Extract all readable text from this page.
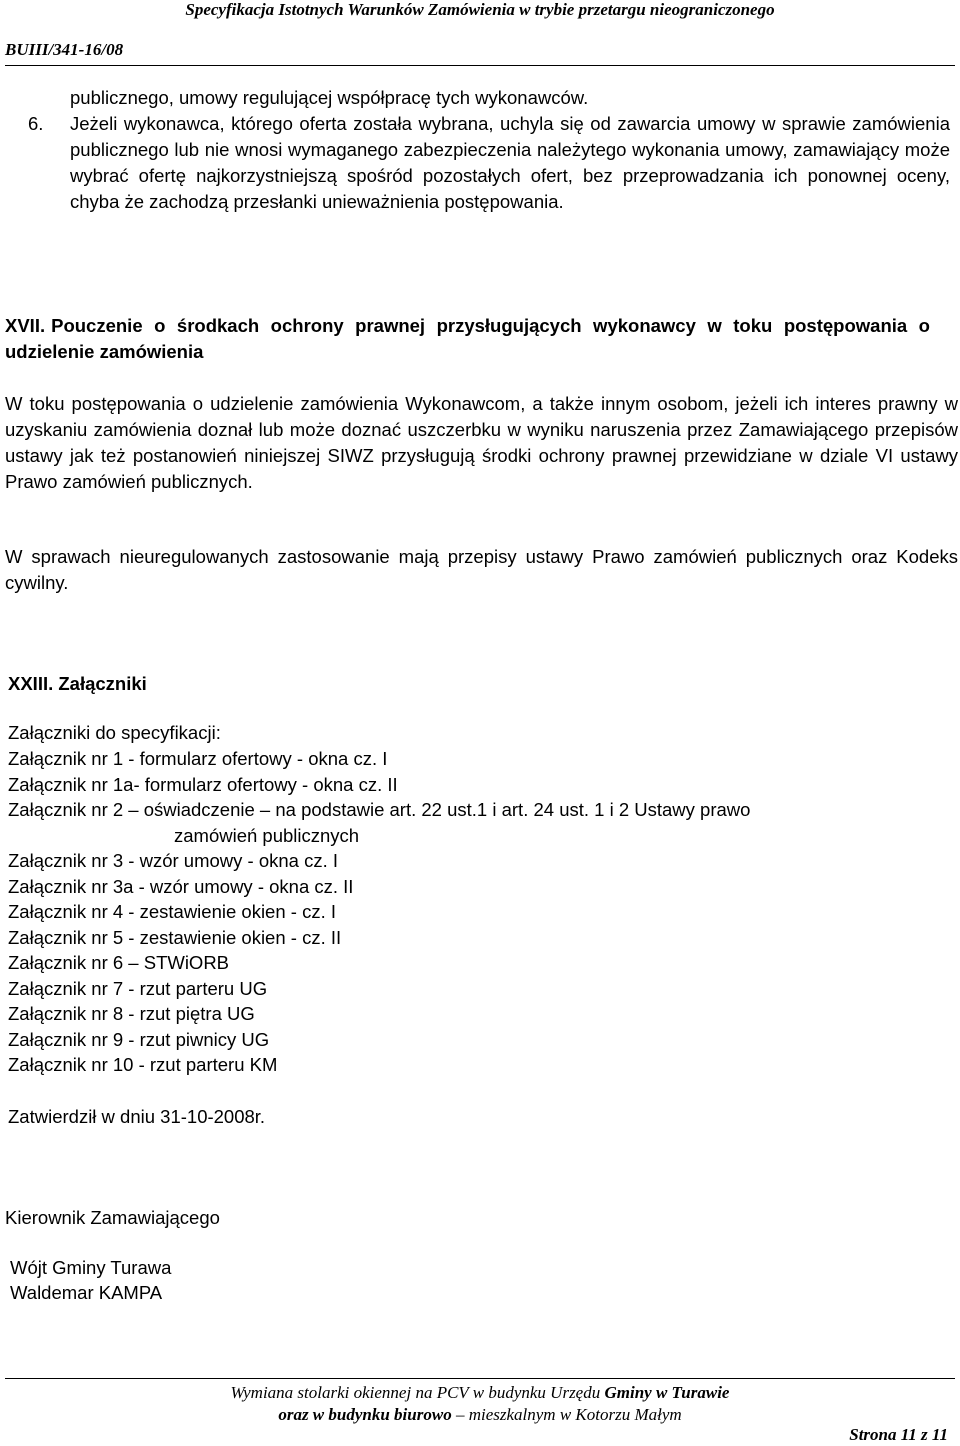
Specyfikacja Istotnych Warunków Zamówienia w trybie przetargu nieograniczonego
BUIII/341-16/08

publicznego, umowy regulującej współpracę tych wykonawców.

6. Jeżeli wykonawca, którego oferta została wybrana, uchyla się od zawarcia umowy w sprawie zamówienia publicznego lub nie wnosi wymaganego zabezpieczenia należytego wykonania umowy, zamawiający może wybrać ofertę najkorzystniejszą spośród pozostałych ofert, bez przeprowadzania ich ponownej oceny, chyba że zachodzą przesłanki unieważnienia postępowania.

XVII. Pouczenie o środkach ochrony prawnej przysługujących wykonawcy w toku postępowania o udzielenie zamówienia

W toku postępowania o udzielenie zamówienia Wykonawcom, a także innym osobom, jeżeli ich interes prawny w uzyskaniu zamówienia doznał lub może doznać uszczerbku w wyniku naruszenia przez Zamawiającego przepisów ustawy jak też postanowień niniejszej SIWZ przysługują środki ochrony prawnej przewidziane w dziale VI ustawy Prawo zamówień publicznych.

W sprawach nieuregulowanych zastosowanie mają przepisy ustawy Prawo zamówień publicznych oraz Kodeks cywilny.

XXIII. Załączniki
Załączniki do specyfikacji:
Załącznik nr 1 - formularz ofertowy - okna cz. I
Załącznik nr 1a- formularz ofertowy - okna cz. II
Załącznik nr 2 – oświadczenie – na podstawie art. 22 ust.1 i art. 24 ust. 1 i 2 Ustawy prawo
zamówień publicznych
Załącznik nr 3 - wzór umowy - okna cz. I
Załącznik nr 3a - wzór umowy - okna cz. II
Załącznik nr 4 - zestawienie okien - cz. I
Załącznik nr 5 - zestawienie okien - cz. II
Załącznik nr 6 – STWiORB
Załącznik nr 7 - rzut parteru UG
Załącznik nr 8 - rzut piętra UG
Załącznik nr 9 - rzut piwnicy UG
Załącznik nr 10 - rzut parteru KM
Zatwierdził w dniu 31-10-2008r.
Kierownik Zamawiającego
Wójt Gminy Turawa
Waldemar KAMPA
Wymiana stolarki okiennej na PCV w budynku Urzędu Gminy w Turawie
oraz w budynku biurowo – mieszkalnym w Kotorzu Małym
Strona 11 z 11
